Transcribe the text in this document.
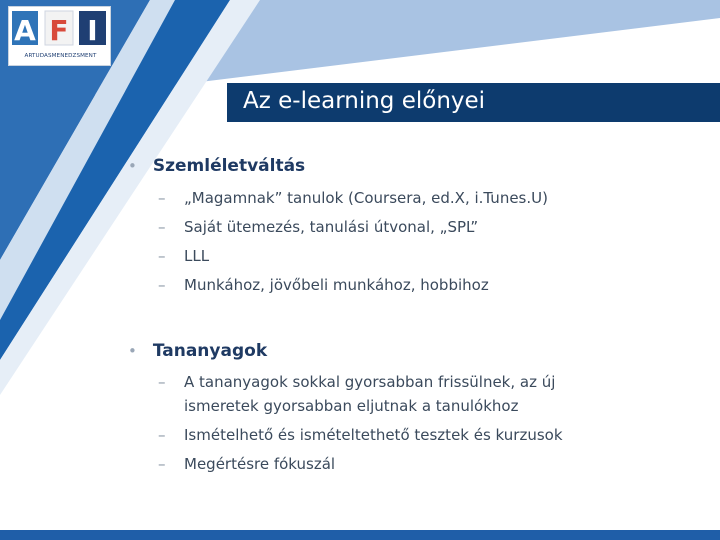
A F I
ARTUDASMENEDZSMENT
Az e-learning előnyei
• Szemléletváltás
– „Magamnak” tanulok (Coursera, ed.X, i.Tunes.U)
– Saját ütemezés, tanulási útvonal, „SPL”
– LLL
– Munkához, jövőbeli munkához, hobbihoz
• Tananyagok
– A tananyagok sokkal gyorsabban frissülnek, az új
ismeretek gyorsabban eljutnak a tanulókhoz
– Ismételhető és ismételtethető tesztek és kurzusok
– Megértésre fókuszál
